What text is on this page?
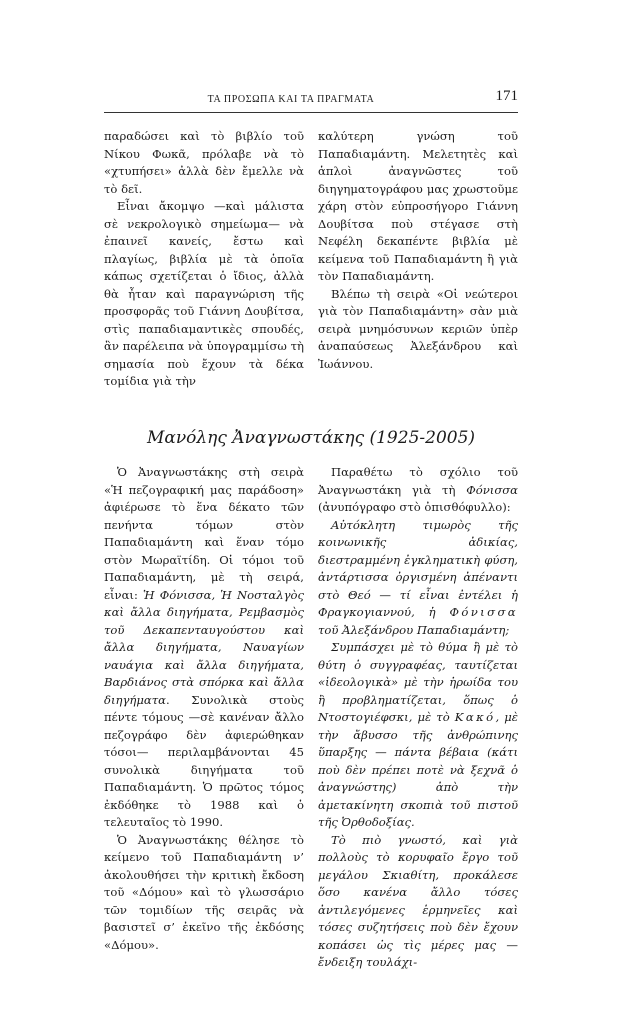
ΤΑ ΠΡΟΣΩΠΑ ΚΑΙ ΤΑ ΠΡΑΓΜΑΤΑ	171

παραδώσει καὶ τὸ βιβλίο τοῦ Νίκου Φωκᾶ, πρόλαβε νὰ τὸ «χτυπήσει» ἀλλὰ δὲν ἔμελλε νὰ τὸ δεῖ.

Εἶναι ἄκομψο —καὶ μάλιστα σὲ νεκρολογικὸ σημείωμα— νὰ ἐπαινεῖ κανείς, ἔστω καὶ πλαγίως, βιβλία μὲ τὰ ὁποῖα κάπως σχετίζεται ὁ ἴδιος, ἀλλὰ θὰ ἦταν καὶ παραγνώριση τῆς προσφορᾶς τοῦ Γιάννη Δουβίτσα, στὶς παπαδιαμαντικὲς σπουδές, ἂν παρέλειπα νὰ ὑπογραμμίσω τὴ σημασία ποὺ ἔχουν τὰ δέκα τομίδια γιὰ τὴν

καλύτερη γνώση τοῦ Παπαδιαμάντη. Μελετητὲς καὶ ἁπλοὶ ἀναγνῶστες τοῦ διηγηματογράφου μας χρωστοῦμε χάρη στὸν εὐπροσήγορο Γιάννη Δουβίτσα ποὺ στέγασε στὴ Νεφέλη δεκαπέντε βιβλία μὲ κείμενα τοῦ Παπαδιαμάντη ἢ γιὰ τὸν Παπαδιαμάντη.

Βλέπω τὴ σειρὰ «Οἱ νεώτεροι γιὰ τὸν Παπαδιαμάντη» σὰν μιὰ σειρὰ μνημόσυνων κεριῶν ὑπὲρ ἀναπαύσεως Ἀλεξάνδρου καὶ Ἰωάννου.

Μανόλης Ἀναγνωστάκης (1925-2005)

Ὁ Ἀναγνωστάκης στὴ σειρὰ «Ἡ πεζογραφική μας παράδοση» ἀφιέρωσε τὸ ἕνα δέκατο τῶν πενήντα τόμων στὸν Παπαδιαμάντη καὶ ἕναν τόμο στὸν Μωραϊτίδη. Οἱ τόμοι τοῦ Παπαδιαμάντη, μὲ τὴ σειρά, εἶναι: Ἡ Φόνισσα, Ἡ Νοσταλγὸς καὶ ἄλλα διηγήματα, Ρεμβασμὸς τοῦ Δεκαπενταυγούστου καὶ ἄλλα διηγήματα, Ναυαγίων ναυάγια καὶ ἄλλα διηγήματα, Βαρδιάνος στὰ σπόρκα καὶ ἄλλα διηγήματα. Συνολικὰ στοὺς πέντε τόμους —σὲ κανέναν ἄλλο πεζογράφο δὲν ἀφιερώθηκαν τόσοι— περιλαμβάνονται 45 συνολικὰ διηγήματα τοῦ Παπαδιαμάντη. Ὁ πρῶτος τόμος ἐκδόθηκε τὸ 1988 καὶ ὁ τελευταῖος τὸ 1990.

Ὁ Ἀναγνωστάκης θέλησε τὸ κείμενο τοῦ Παπαδιαμάντη ν’ ἀκολουθήσει τὴν κριτικὴ ἔκδοση τοῦ «Δόμου» καὶ τὸ γλωσσάριο τῶν τομιδίων τῆς σειρᾶς νὰ βασιστεῖ σ’ ἐκεῖνο τῆς ἐκδόσης «Δόμου».

Παραθέτω τὸ σχόλιο τοῦ Ἀναγνωστάκη γιὰ τὴ Φόνισσα (ἀνυπόγραφο στὸ ὀπισθόφυλλο):

Αὐτόκλητη τιμωρὸς τῆς κοινωνικῆς ἀδικίας, διεστραμμένη ἐγκληματικὴ φύση, ἀντάρτισσα ὀργισμένη ἀπέναντι στὸ Θεό — τί εἶναι ἐντέλει ἡ Φραγκογιαννού, ἡ Φόνισσα τοῦ Ἀλεξάνδρου Παπαδιαμάντη;

Συμπάσχει μὲ τὸ θύμα ἢ μὲ τὸ θύτη ὁ συγγραφέας, ταυτίζεται «ἰδεολογικὰ» μὲ τὴν ἡρωίδα του ἢ προβληματίζεται, ὅπως ὁ Ντοστογιέφσκι, μὲ τὸ Κακό, μὲ τὴν ἄβυσσο τῆς ἀνθρώπινης ὕπαρξης — πάντα βέβαια (κάτι ποὺ δὲν πρέπει ποτὲ νὰ ξεχνᾶ ὁ ἀναγνώστης) ἀπὸ τὴν ἀμετακίνητη σκοπιὰ τοῦ πιστοῦ τῆς Ὀρθοδοξίας.

Τὸ πιὸ γνωστό, καὶ γιὰ πολλοὺς τὸ κορυφαῖο ἔργο τοῦ μεγάλου Σκιαθίτη, προκάλεσε ὅσο κανένα ἄλλο τόσες ἀντιλεγόμενες ἑρμηνεῖες καὶ τόσες συζητήσεις ποὺ δὲν ἔχουν κοπάσει ὡς τὶς μέρες μας — ἔνδειξη τουλάχι-
